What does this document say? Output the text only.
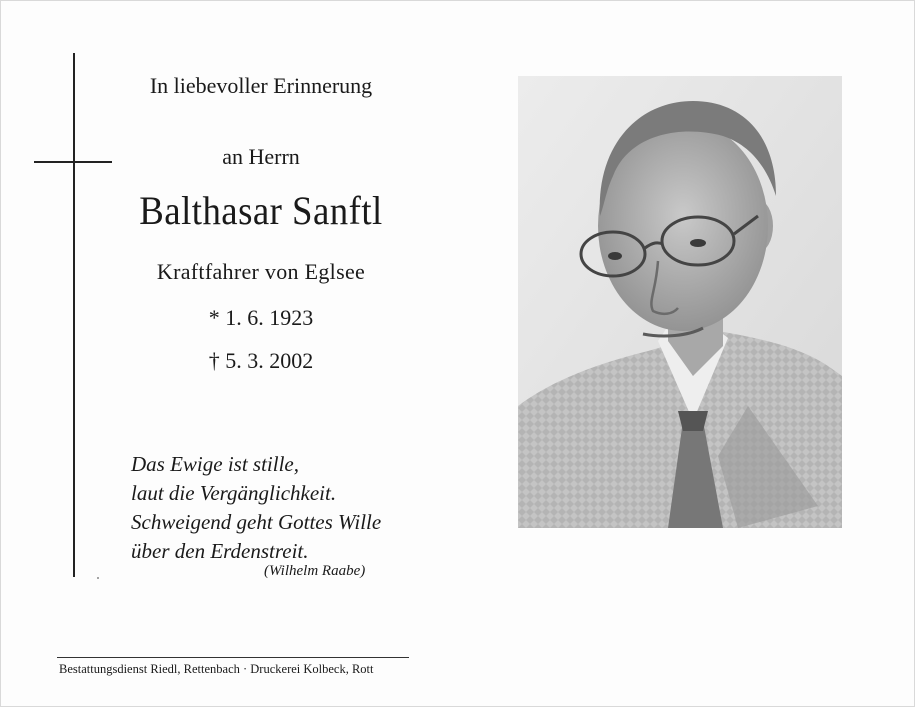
In liebevoller Erinnerung
an Herrn
Balthasar Sanftl
Kraftfahrer von Eglsee
* 1. 6. 1923
† 5. 3. 2002
Das Ewige ist stille,
laut die Vergänglichkeit.
Schweigend geht Gottes Wille
über den Erdenstreit.
(Wilhelm Raabe)
Bestattungsdienst Riedl, Rettenbach · Druckerei Kolbeck, Rott
